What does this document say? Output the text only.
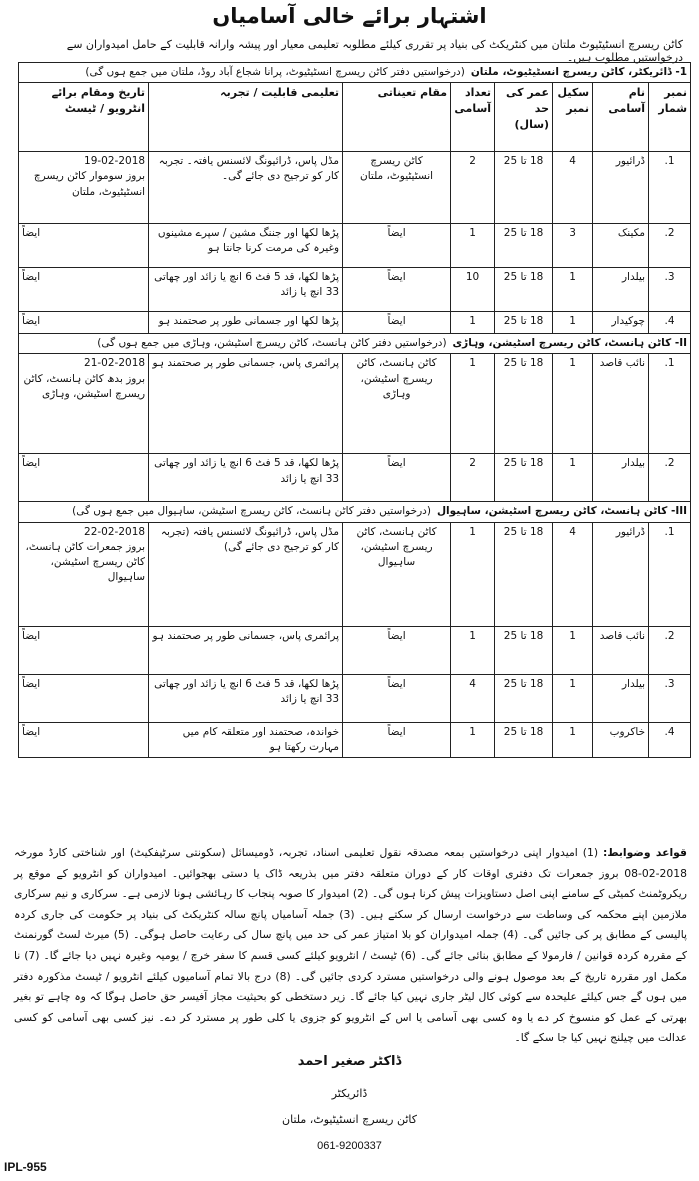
اشتہار برائے خالی آسامیاں
کاٹن ریسرچ انسٹیٹیوٹ ملتان میں کنٹریکٹ کی بنیاد پر تقرری کیلئے مطلوبہ تعلیمی معیار اور پیشہ وارانہ قابلیت کے حامل امیدواران سے درخواستیں مطلوب ہیں۔
1- ڈائریکٹر، کاٹن ریسرچ انسٹیٹیوٹ، ملتان(درخواستیں دفتر کاٹن ریسرچ انسٹیٹیوٹ، پرانا شجاع آباد روڈ، ملتان میں جمع ہوں گی)							
نمبر شمار	نام آسامی	سکیل نمبر	عمر کی حد (سال)	تعداد آسامی	مقام تعیناتی	تعلیمی قابلیت / تجربہ	تاریخ ومقام برائے انٹرویو / ٹیسٹ
1.	ڈرائیور	4	18 تا 25	2	کاٹن ریسرچ انسٹیٹیوٹ، ملتان	مڈل پاس، ڈرائیونگ لائسنس یافتہ۔ تجربہ کار کو ترجیح دی جائے گی۔	19-02-2018
بروز سوموار کاٹن ریسرچ انسٹیٹیوٹ، ملتان

2.	مکینک	3	18 تا 25	1	ایضاً	پڑھا لکھا اور جننگ مشین / سپرے مشینوں وغیرہ کی مرمت کرنا جانتا ہو	ایضاً

3.	بیلدار	1	18 تا 25	10	ایضاً	پڑھا لکھا، قد 5 فٹ 6 انچ یا زائد اور چھاتی 33 انچ یا زائد	ایضاً

4.	چوکیدار	1	18 تا 25	1	ایضاً	پڑھا لکھا اور جسمانی طور پر صحتمند ہو	ایضاً

II- کاٹن ہانسٹ، کاٹن ریسرچ اسٹیشن، وہاڑی(درخواستیں دفتر کاٹن ہانسٹ، کاٹن ریسرچ اسٹیشن، وہاڑی میں جمع ہوں گی)							
1.	نائب قاصد	1	18 تا 25	1	کاٹن ہانسٹ، کاٹن ریسرچ اسٹیشن، وہاڑی	پرائمری پاس، جسمانی طور پر صحتمند ہو	21-02-2018
بروز بدھ کاٹن ہانسٹ، کاٹن ریسرچ اسٹیشن، وہاڑی

2.	بیلدار	1	18 تا 25	2	ایضاً	پڑھا لکھا، قد 5 فٹ 6 انچ یا زائد اور چھاتی 33 انچ یا زائد	ایضاً

III- کاٹن ہانسٹ، کاٹن ریسرچ اسٹیشن، ساہیوال(درخواستیں دفتر کاٹن ہانسٹ، کاٹن ریسرچ اسٹیشن، ساہیوال میں جمع ہوں گی)							
1.	ڈرائیور	4	18 تا 25	1	کاٹن ہانسٹ، کاٹن ریسرچ اسٹیشن، ساہیوال	مڈل پاس، ڈرائیونگ لائسنس یافتہ (تجربہ کار کو ترجیح دی جائے گی)	22-02-2018
بروز جمعرات کاٹن ہانسٹ، کاٹن ریسرچ اسٹیشن، ساہیوال

2.	نائب قاصد	1	18 تا 25	1	ایضاً	پرائمری پاس، جسمانی طور پر صحتمند ہو	ایضاً

3.	بیلدار	1	18 تا 25	4	ایضاً	پڑھا لکھا، قد 5 فٹ 6 انچ یا زائد اور چھاتی 33 انچ یا زائد	ایضاً

4.	خاکروب	1	18 تا 25	1	ایضاً	خواندہ، صحتمند اور متعلقہ کام میں مہارت رکھتا ہو	ایضاً
قواعد وضوابط: (1) امیدوار اپنی درخواستیں بمعہ مصدقہ نقول تعلیمی اسناد، تجربہ، ڈومیسائل (سکونتی سرٹیفکیٹ) اور شناختی کارڈ مورخہ 2018-02-08 بروز جمعرات تک دفتری اوقات کار کے دوران متعلقہ دفتر میں بذریعہ ڈاک یا دستی بھجوائیں۔ امیدواران کو انٹرویو کے موقع پر ریکروٹمنٹ کمیٹی کے سامنے اپنی اصل دستاویزات پیش کرنا ہوں گی۔ (2) امیدوار کا صوبہ پنجاب کا رہائشی ہونا لازمی ہے۔ سرکاری و نیم سرکاری ملازمین اپنے محکمہ کی وساطت سے درخواست ارسال کر سکتے ہیں۔ (3) جملہ آسامیاں پانچ سالہ کنٹریکٹ کی بنیاد پر حکومت کی جاری کردہ پالیسی کے مطابق پر کی جائیں گی۔ (4) جملہ امیدواران کو بلا امتیاز عمر کی حد میں پانچ سال کی رعایت حاصل ہوگی۔ (5) میرٹ لسٹ گورنمنٹ کے مقررہ کردہ قوانین / فارمولا کے مطابق بنائی جائے گی۔ (6) ٹیسٹ / انٹرویو کیلئے کسی قسم کا سفر خرچ / یومیہ وغیرہ نہیں دیا جائے گا۔ (7) نا مکمل اور مقررہ تاریخ کے بعد موصول ہونے والی درخواستیں مسترد کردی جائیں گی۔ (8) درج بالا تمام آسامیوں کیلئے انٹرویو / ٹیسٹ مذکورہ دفتر میں ہوں گے جس کیلئے علیحدہ سے کوئی کال لیٹر جاری نہیں کیا جائے گا۔ زیر دستخطی کو بحیثیت مجاز آفیسر حق حاصل ہوگا کہ وہ چاہے تو بغیر بھرتی کے عمل کو منسوخ کر دے یا وہ کسی بھی آسامی یا اس کے انٹرویو کو جزوی یا کلی طور پر مسترد کر دے۔ نیز کسی بھی آسامی کو کسی عدالت میں چیلنج نہیں کیا جا سکے گا۔
ڈاکٹر صغیر احمد
ڈائریکٹر
کاٹن ریسرچ انسٹیٹیوٹ، ملتان
061-9200337
IPL-955
